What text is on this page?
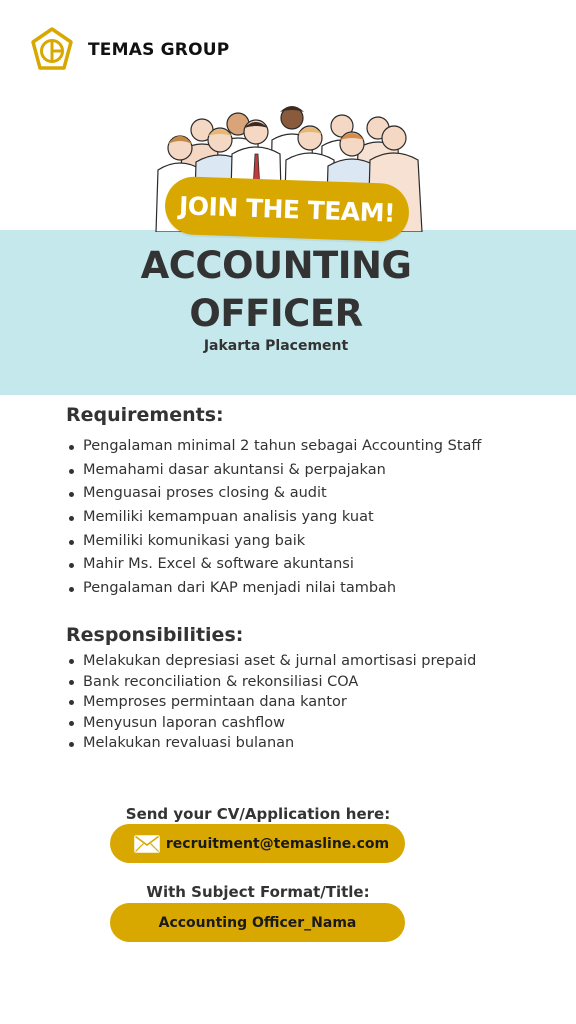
TEMAS GROUP
JOIN THE TEAM!
ACCOUNTING
OFFICER
Jakarta Placement
Requirements:
Pengalaman minimal 2 tahun sebagai Accounting Staff
Memahami dasar akuntansi & perpajakan
Menguasai proses closing & audit
Memiliki kemampuan analisis yang kuat
Memiliki komunikasi yang baik
Mahir Ms. Excel & software akuntansi
Pengalaman dari KAP menjadi nilai tambah
Responsibilities:
Melakukan depresiasi aset & jurnal amortisasi prepaid
Bank reconciliation & rekonsiliasi COA
Memproses permintaan dana kantor
Menyusun laporan cashflow
Melakukan revaluasi bulanan
Send your CV/Application here:
recruitment@temasline.com
With Subject Format/Title:
Accounting Officer_Nama
